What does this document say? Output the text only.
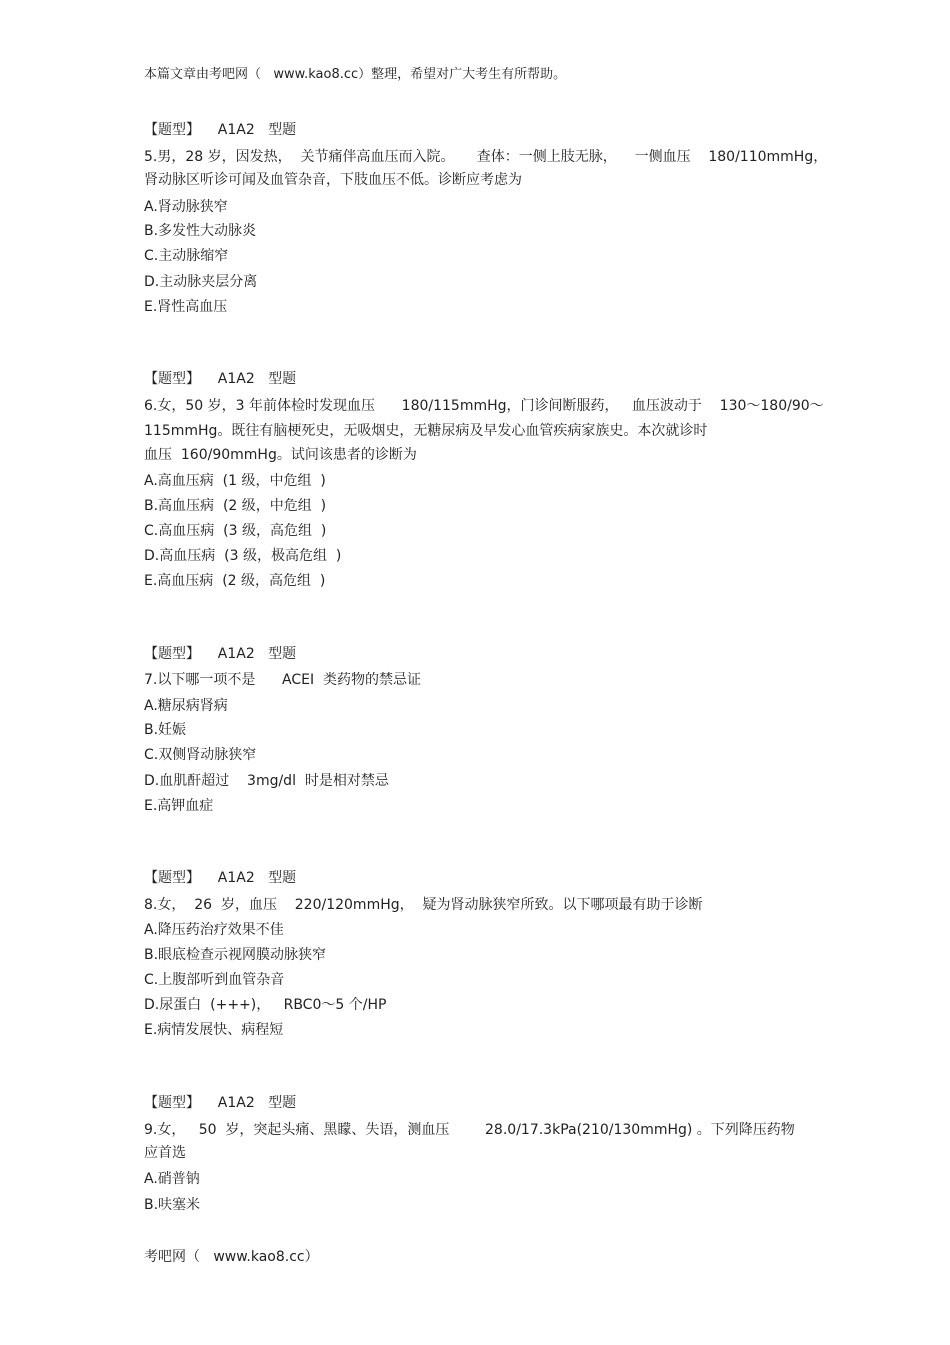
本篇文章由考吧网（   www.kao8.cc）整理，希望对广大考生有所帮助。
【题型】    A1A2   型题
5.男，28 岁，因发热，  关节痛伴高血压而入院。     查体：一侧上肢无脉，    一侧血压    180/110mmHg，
肾动脉区听诊可闻及血管杂音，下肢血压不低。诊断应考虑为
A.肾动脉狭窄
B.多发性大动脉炎
C.主动脉缩窄
D.主动脉夹层分离
E.肾性高血压
【题型】    A1A2   型题
6.女，50 岁，3 年前体检时发现血压      180/115mmHg，门诊间断服药，   血压波动于    130～180/90～
115mmHg。既往有脑梗死史，无吸烟史，无糖尿病及早发心血管疾病家族史。本次就诊时
血压  160/90mmHg。试问该患者的诊断为
A.高血压病  (1 级，中危组  )
B.高血压病  (2 级，中危组  )
C.高血压病  (3 级，高危组  )
D.高血压病  (3 级，极高危组  )
E.高血压病  (2 级，高危组  )
【题型】    A1A2   型题
7.以下哪一项不是      ACEI  类药物的禁忌证
A.糖尿病肾病
B.妊娠
C.双侧肾动脉狭窄
D.血肌酐超过    3mg/dl  时是相对禁忌
E.高钾血症
【题型】    A1A2   型题
8.女，  26  岁，血压    220/120mmHg，  疑为肾动脉狭窄所致。以下哪项最有助于诊断
A.降压药治疗效果不佳
B.眼底检查示视网膜动脉狭窄
C.上腹部听到血管杂音
D.尿蛋白  (+++)，   RBC0～5 个/HP
E.病情发展快、病程短
【题型】    A1A2   型题
9.女，   50  岁，突起头痛、黑矇、失语，测血压        28.0/17.3kPa(210/130mmHg) 。下列降压药物
应首选
A.硝普钠
B.呋塞米
考吧网（   www.kao8.cc）
